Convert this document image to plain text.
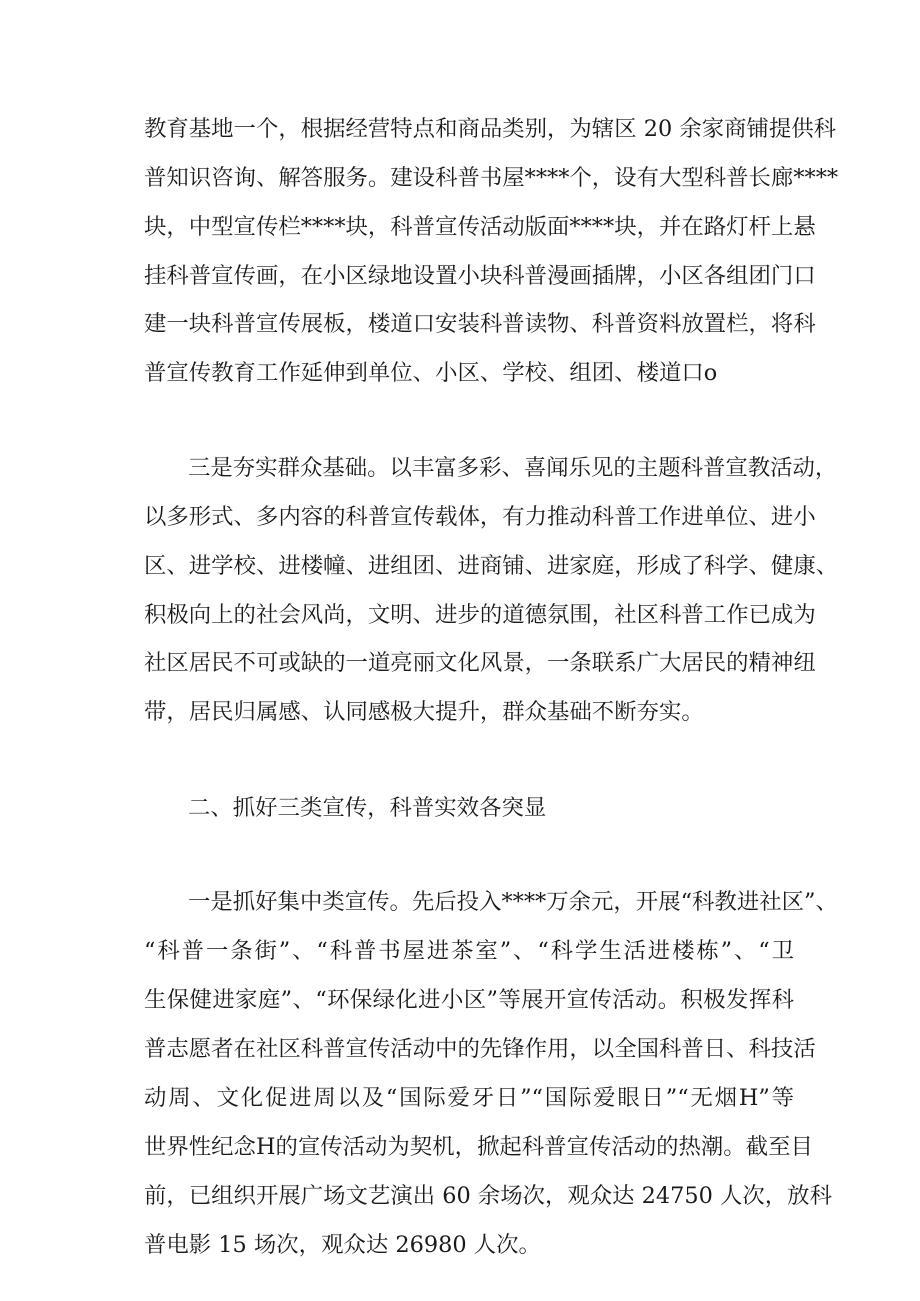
教育基地一个，根据经营特点和商品类别，为辖区 20 余家商铺提供科
普知识咨询、解答服务。建设科普书屋****个，设有大型科普长廊****
块，中型宣传栏****块，科普宣传活动版面****块，并在路灯杆上悬
挂科普宣传画，在小区绿地设置小块科普漫画插牌，小区各组团门口
建一块科普宣传展板，楼道口安装科普读物、科普资料放置栏，将科
普宣传教育工作延伸到单位、小区、学校、组团、楼道口o
三是夯实群众基础。以丰富多彩、喜闻乐见的主题科普宣教活动，
以多形式、多内容的科普宣传载体，有力推动科普工作进单位、进小
区、进学校、进楼幢、进组团、进商铺、进家庭，形成了科学、健康、
积极向上的社会风尚，文明、进步的道德氛围，社区科普工作已成为
社区居民不可或缺的一道亮丽文化风景，一条联系广大居民的精神纽
带，居民归属感、认同感极大提升，群众基础不断夯实。
二、抓好三类宣传，科普实效各突显
一是抓好集中类宣传。先后投入****万余元，开展“科教进社区”、
“科普一条街”、“科普书屋进茶室”、“科学生活进楼栋”、“卫
生保健进家庭”、“环保绿化进小区”等展开宣传活动。积极发挥科
普志愿者在社区科普宣传活动中的先锋作用，以全国科普日、科技活
动周、文化促进周以及“国际爱牙日”“国际爱眼日”“无烟H”等
世界性纪念H的宣传活动为契机，掀起科普宣传活动的热潮。截至目
前，已组织开展广场文艺演出 60 余场次，观众达 24750 人次，放科
普电影 15 场次，观众达 26980 人次。
